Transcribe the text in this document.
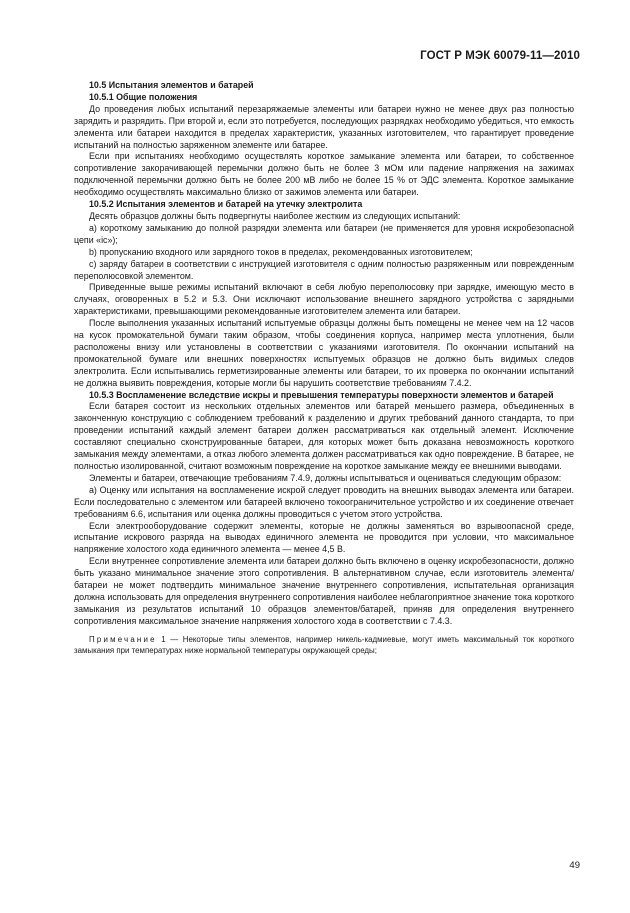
ГОСТ Р МЭК 60079-11—2010

10.5 Испытания элементов и батарей

10.5.1 Общие положения

До проведения любых испытаний перезаряжаемые элементы или батареи нужно не менее двух раз полностью зарядить и разрядить. При второй и, если это потребуется, последующих разрядках необходимо убедиться, что емкость элемента или батареи находится в пределах характеристик, указанных изготовителем, что гарантирует проведение испытаний на полностью заряженном элементе или батарее.

Если при испытаниях необходимо осуществлять короткое замыкание элемента или батареи, то собственное сопротивление закорачивающей перемычки должно быть не более 3 мОм или падение напряжения на зажимах подключенной перемычки должно быть не более 200 мВ либо не более 15 % от ЭДС элемента. Короткое замыкание необходимо осуществлять максимально близко от зажимов элемента или батареи.

10.5.2 Испытания элементов и батарей на утечку электролита

Десять образцов должны быть подвергнуты наиболее жестким из следующих испытаний:

a) короткому замыканию до полной разрядки элемента или батареи (не применяется для уровня искробезопасной цепи «ic»);

b) пропусканию входного или зарядного токов в пределах, рекомендованных изготовителем;

c) заряду батареи в соответствии с инструкцией изготовителя с одним полностью разряженным или поврежденным переполюсовкой элементом.

Приведенные выше режимы испытаний включают в себя любую переполюсовку при зарядке, имеющую место в случаях, оговоренных в 5.2 и 5.3. Они исключают использование внешнего зарядного устройства с зарядными характеристиками, превышающими рекомендованные изготовителем элемента или батареи.

После выполнения указанных испытаний испытуемые образцы должны быть помещены не менее чем на 12 часов на кусок промокательной бумаги таким образом, чтобы соединения корпуса, например места уплотнения, были расположены внизу или установлены в соответствии с указаниями изготовителя. По окончании испытаний на промокательной бумаге или внешних поверхностях испытуемых образцов не должно быть видимых следов электролита. Если испытывались герметизированные элементы или батареи, то их проверка по окончании испытаний не должна выявить повреждения, которые могли бы нарушить соответствие требованиям 7.4.2.

10.5.3 Воспламенение вследствие искры и превышения температуры поверхности элементов и батарей

Если батарея состоит из нескольких отдельных элементов или батарей меньшего размера, объединенных в законченную конструкцию с соблюдением требований к разделению и других требований данного стандарта, то при проведении испытаний каждый элемент батареи должен рассматриваться как отдельный элемент. Исключение составляют специально сконструированные батареи, для которых может быть доказана невозможность короткого замыкания между элементами, а отказ любого элемента должен рассматриваться как одно повреждение. В батарее, не полностью изолированной, считают возможным повреждение на короткое замыкание между ее внешними выводами.

Элементы и батареи, отвечающие требованиям 7.4.9, должны испытываться и оцениваться следующим образом:

a) Оценку или испытания на воспламенение искрой следует проводить на внешних выводах элемента или батареи. Если последовательно с элементом или батареей включено токоограничительное устройство и их соединение отвечает требованиям 6.6, испытания или оценка должны проводиться с учетом этого устройства.

Если электрооборудование содержит элементы, которые не должны заменяться во взрывоопасной среде, испытание искрового разряда на выводах единичного элемента не проводится при условии, что максимальное напряжение холостого хода единичного элемента — менее 4,5 В.

Если внутреннее сопротивление элемента или батареи должно быть включено в оценку искробезопасности, должно быть указано минимальное значение этого сопротивления. В альтернативном случае, если изготовитель элемента/батареи не может подтвердить минимальное значение внутреннего сопротивления, испытательная организация должна использовать для определения внутреннего сопротивления наиболее неблагоприятное значение тока короткого замыкания из результатов испытаний 10 образцов элементов/батарей, приняв для определения внутреннего сопротивления максимальное значение напряжения холостого хода в соответствии с 7.4.3.

Примечание 1 — Некоторые типы элементов, например никель-кадмиевые, могут иметь максимальный ток короткого замыкания при температурах ниже нормальной температуры окружающей среды;

49
